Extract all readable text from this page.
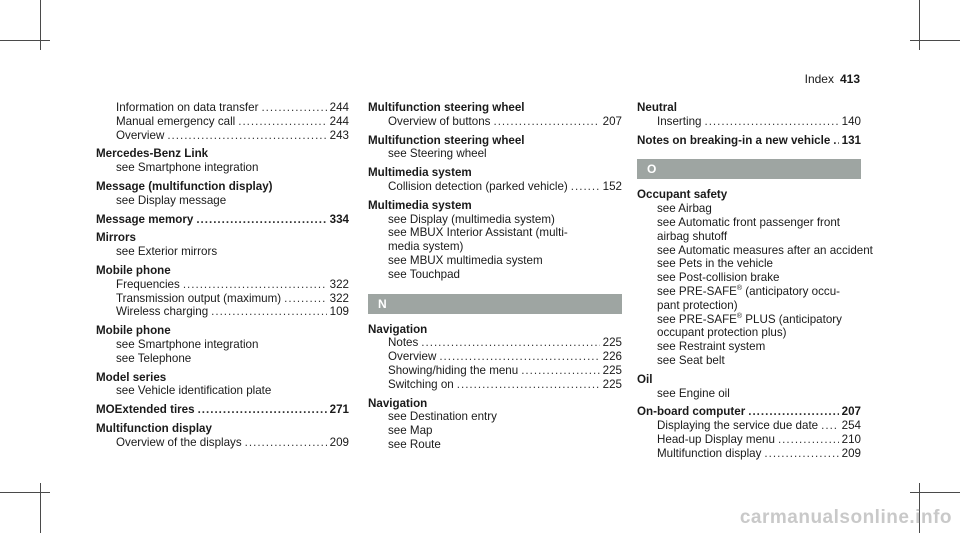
Index 413
Information on data transfer .....	244
Manual emergency call .....	244
Overview .....	243
Mercedes-Benz Link
see Smartphone integration
Message (multifunction display)
see Display message
Message memory .....	334
Mirrors
see Exterior mirrors
Mobile phone
Frequencies .....	322
Transmission output (maximum) .....	322
Wireless charging .....	109
Mobile phone
see Smartphone integration
see Telephone
Model series
see Vehicle identification plate
MOExtended tires .....	271
Multifunction display
Overview of the displays .....	209
Multifunction steering wheel
Overview of buttons .....	207
Multifunction steering wheel
see Steering wheel
Multimedia system
Collision detection (parked vehicle) .....	152
Multimedia system
see Display (multimedia system)
see MBUX Interior Assistant (multi-
media system)
see MBUX multimedia system
see Touchpad
N
Navigation
Notes .....	225
Overview .....	226
Showing/hiding the menu .....	225
Switching on .....	225
Navigation
see Destination entry
see Map
see Route
Neutral
Inserting .....	140
Notes on breaking-in a new vehicle ..... 131
O
Occupant safety
see Airbag
see Automatic front passenger front
airbag shutoff
see Automatic measures after an accident
see Pets in the vehicle
see Post-collision brake
see PRE-SAFE® (anticipatory occu-
pant protection)
see PRE-SAFE® PLUS (anticipatory
occupant protection plus)
see Restraint system
see Seat belt
Oil
see Engine oil
On-board computer .....	207
Displaying the service due date ..... 254
Head-up Display menu .....	210
Multifunction display .....	209
carmanualsonline.info
